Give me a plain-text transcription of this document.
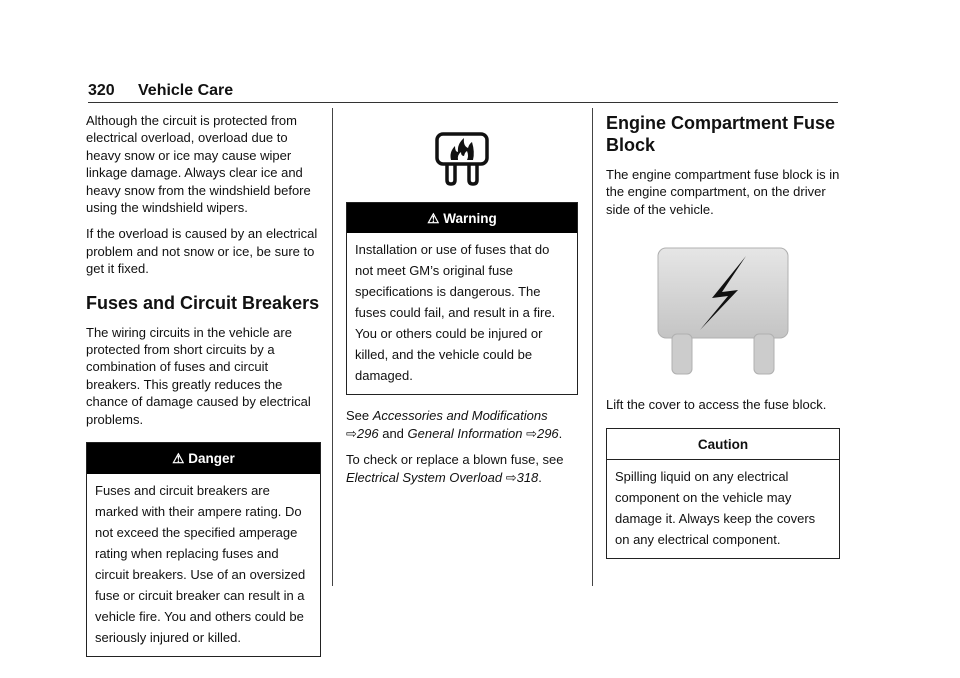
320 Vehicle Care

Although the circuit is protected from electrical overload, overload due to heavy snow or ice may cause wiper linkage damage. Always clear ice and heavy snow from the windshield before using the windshield wipers.

If the overload is caused by an electrical problem and not snow or ice, be sure to get it fixed.

Fuses and Circuit Breakers

The wiring circuits in the vehicle are protected from short circuits by a combination of fuses and circuit breakers. This greatly reduces the chance of damage caused by electrical problems.

⚠ Danger
Fuses and circuit breakers are marked with their ampere rating. Do not exceed the specified amperage rating when replacing fuses and circuit breakers. Use of an oversized fuse or circuit breaker can result in a vehicle fire. You and others could be seriously injured or killed.
⚠ Warning
Installation or use of fuses that do not meet GM’s original fuse specifications is dangerous. The fuses could fail, and result in a fire. You or others could be injured or killed, and the vehicle could be damaged.

See Accessories and Modifications ⇨296 and General Information ⇨296.

To check or replace a blown fuse, see Electrical System Overload ⇨318.

Engine Compartment Fuse Block

The engine compartment fuse block is in the engine compartment, on the driver side of the vehicle.

Lift the cover to access the fuse block.

Caution
Spilling liquid on any electrical component on the vehicle may damage it. Always keep the covers on any electrical component.
